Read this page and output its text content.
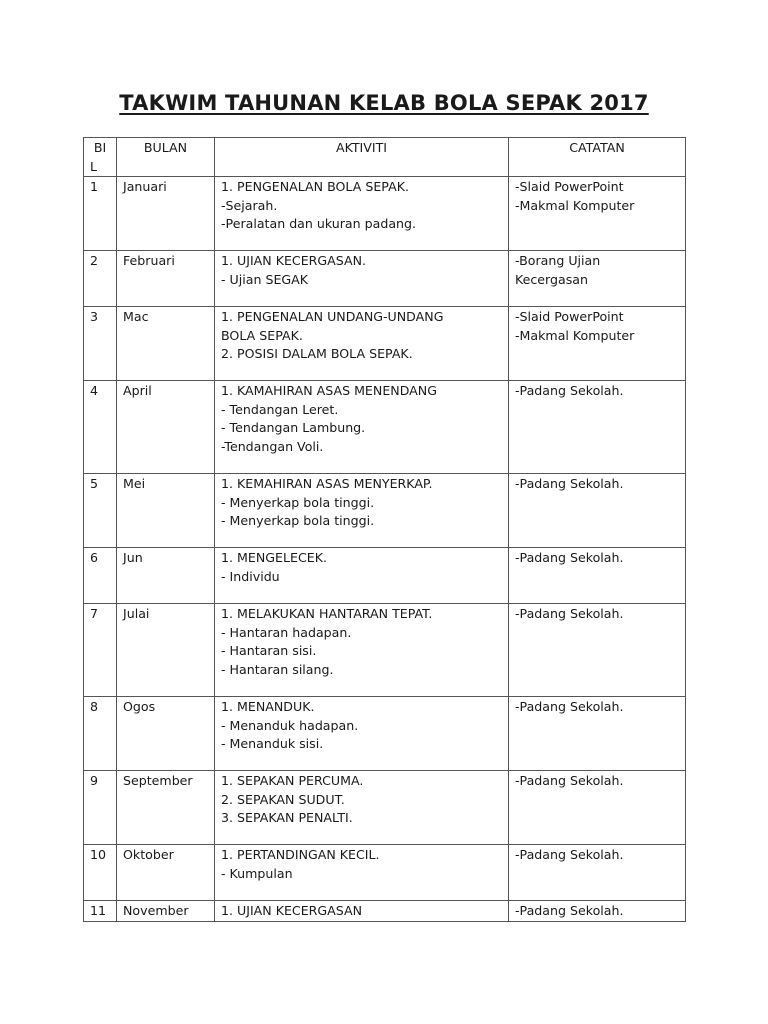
TAKWIM TAHUNAN KELAB BOLA SEPAK 2017
BI
L	BULAN	AKTIVITI	CATATAN
1	Januari	1. PENGENALAN BOLA SEPAK.
-Sejarah.
-Peralatan dan ukuran padang.	-Slaid PowerPoint
-Makmal Komputer

2	Februari	1. UJIAN KECERGASAN.
- Ujian SEGAK	-Borang Ujian
Kecergasan

3	Mac	1. PENGENALAN UNDANG-UNDANG
BOLA SEPAK.
2. POSISI DALAM BOLA SEPAK.	-Slaid PowerPoint
-Makmal Komputer

4	April	1. KAMAHIRAN ASAS MENENDANG
- Tendangan Leret.
- Tendangan Lambung.
-Tendangan Voli.	-Padang Sekolah.

5	Mei	1. KEMAHIRAN ASAS MENYERKAP.
- Menyerkap bola tinggi.
- Menyerkap bola tinggi.	-Padang Sekolah.

6	Jun	1. MENGELECEK.
- Individu	-Padang Sekolah.

7	Julai	1. MELAKUKAN HANTARAN TEPAT.
- Hantaran hadapan.
- Hantaran sisi.
- Hantaran silang.	-Padang Sekolah.

8	Ogos	1. MENANDUK.
- Menanduk hadapan.
- Menanduk sisi.	-Padang Sekolah.

9	September	1. SEPAKAN PERCUMA.
2. SEPAKAN SUDUT.
3. SEPAKAN PENALTI.	-Padang Sekolah.

10	Oktober	1. PERTANDINGAN KECIL.
- Kumpulan	-Padang Sekolah.

11	November	1. UJIAN KECERGASAN	-Padang Sekolah.
